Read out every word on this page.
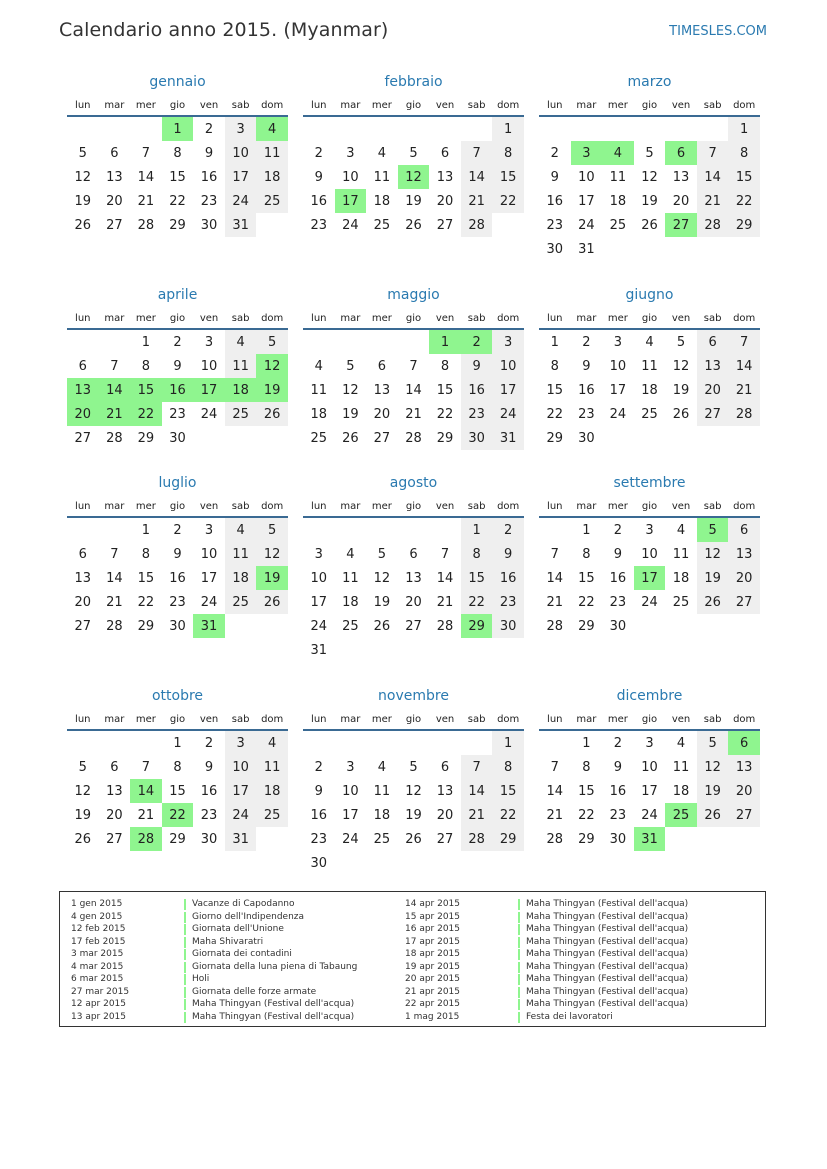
Calendario anno 2015. (Myanmar)	TIMESLES.COM
gennaio
lun	mar	mer	gio	ven	sab	dom
			1	2	3	4
5	6	7	8	9	10	11
12	13	14	15	16	17	18
19	20	21	22	23	24	25
26	27	28	29	30	31	
febbraio
lun	mar	mer	gio	ven	sab	dom
						1
2	3	4	5	6	7	8
9	10	11	12	13	14	15
16	17	18	19	20	21	22
23	24	25	26	27	28	
marzo
lun	mar	mer	gio	ven	sab	dom
						1
2	3	4	5	6	7	8
9	10	11	12	13	14	15
16	17	18	19	20	21	22
23	24	25	26	27	28	29
30	31					
aprile
lun	mar	mer	gio	ven	sab	dom
		1	2	3	4	5
6	7	8	9	10	11	12
13	14	15	16	17	18	19
20	21	22	23	24	25	26
27	28	29	30			
maggio
lun	mar	mer	gio	ven	sab	dom
				1	2	3
4	5	6	7	8	9	10
11	12	13	14	15	16	17
18	19	20	21	22	23	24
25	26	27	28	29	30	31
giugno
lun	mar	mer	gio	ven	sab	dom
1	2	3	4	5	6	7
8	9	10	11	12	13	14
15	16	17	18	19	20	21
22	23	24	25	26	27	28
29	30					
luglio
lun	mar	mer	gio	ven	sab	dom
		1	2	3	4	5
6	7	8	9	10	11	12
13	14	15	16	17	18	19
20	21	22	23	24	25	26
27	28	29	30	31		
agosto
lun	mar	mer	gio	ven	sab	dom
					1	2
3	4	5	6	7	8	9
10	11	12	13	14	15	16
17	18	19	20	21	22	23
24	25	26	27	28	29	30
31						
settembre
lun	mar	mer	gio	ven	sab	dom
	1	2	3	4	5	6
7	8	9	10	11	12	13
14	15	16	17	18	19	20
21	22	23	24	25	26	27
28	29	30				
ottobre
lun	mar	mer	gio	ven	sab	dom
			1	2	3	4
5	6	7	8	9	10	11
12	13	14	15	16	17	18
19	20	21	22	23	24	25
26	27	28	29	30	31	
novembre
lun	mar	mer	gio	ven	sab	dom
						1
2	3	4	5	6	7	8
9	10	11	12	13	14	15
16	17	18	19	20	21	22
23	24	25	26	27	28	29
30						
dicembre
lun	mar	mer	gio	ven	sab	dom
	1	2	3	4	5	6
7	8	9	10	11	12	13
14	15	16	17	18	19	20
21	22	23	24	25	26	27
28	29	30	31			
1 gen 2015	Vacanze di Capodanno
4 gen 2015	Giorno dell'Indipendenza
12 feb 2015	Giornata dell'Unione
17 feb 2015	Maha Shivaratri
3 mar 2015	Giornata dei contadini
4 mar 2015	Giornata della luna piena di Tabaung
6 mar 2015	Holi
27 mar 2015	Giornata delle forze armate
12 apr 2015	Maha Thingyan (Festival dell'acqua)
13 apr 2015	Maha Thingyan (Festival dell'acqua)
14 apr 2015	Maha Thingyan (Festival dell'acqua)
15 apr 2015	Maha Thingyan (Festival dell'acqua)
16 apr 2015	Maha Thingyan (Festival dell'acqua)
17 apr 2015	Maha Thingyan (Festival dell'acqua)
18 apr 2015	Maha Thingyan (Festival dell'acqua)
19 apr 2015	Maha Thingyan (Festival dell'acqua)
20 apr 2015	Maha Thingyan (Festival dell'acqua)
21 apr 2015	Maha Thingyan (Festival dell'acqua)
22 apr 2015	Maha Thingyan (Festival dell'acqua)
1 mag 2015	Festa dei lavoratori
